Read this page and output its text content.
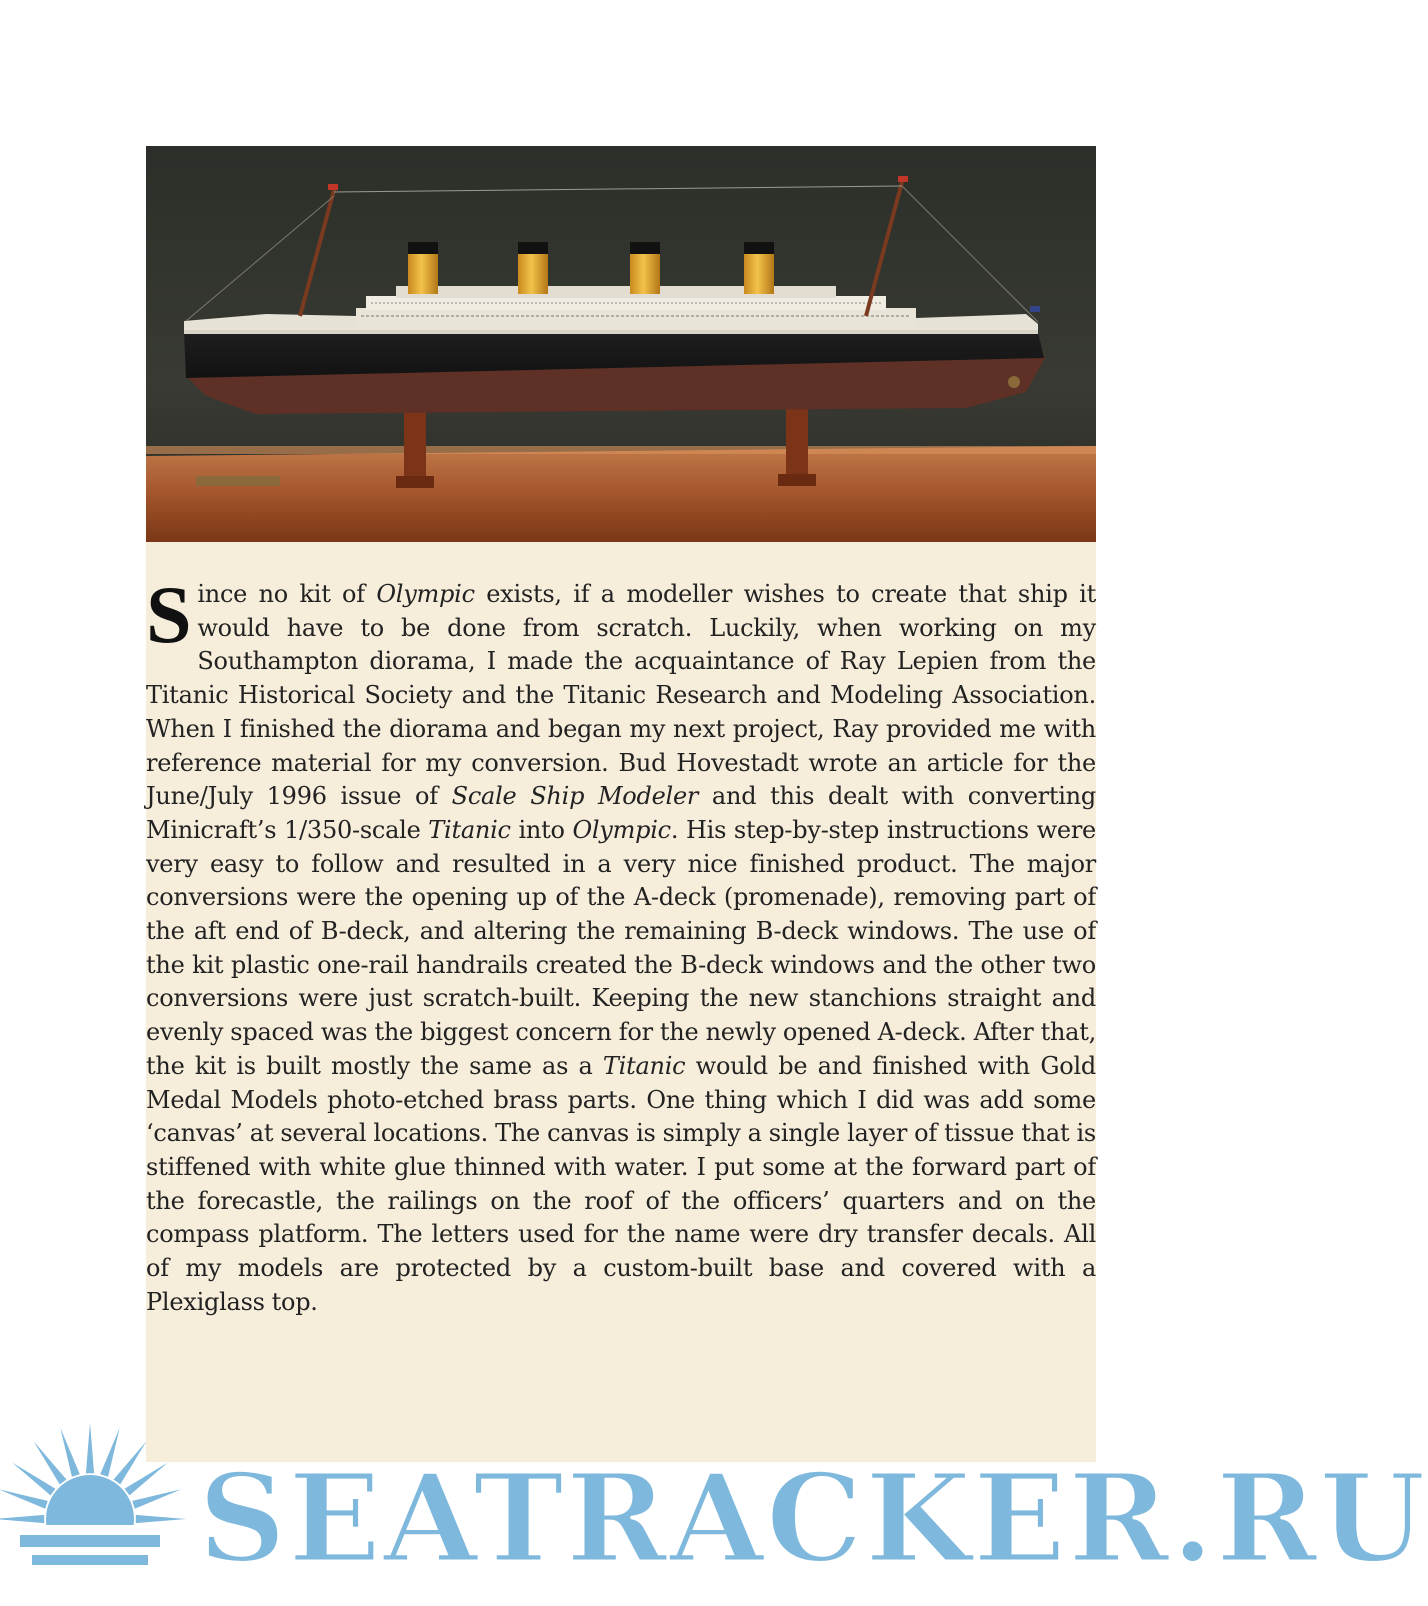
Since no kit of Olympic exists, if a modeller wishes to create that ship it would have to be done from scratch. Luckily, when working on my Southampton diorama, I made the acquaintance of Ray Lepien from the Titanic Historical Society and the Titanic Research and Modeling Association. When I finished the diorama and began my next project, Ray provided me with reference material for my conversion. Bud Hovestadt wrote an article for the June/July 1996 issue of Scale Ship Modeler and this dealt with converting Minicraft’s 1/350-scale Titanic into Olympic. His step-by-step instructions were very easy to follow and resulted in a very nice finished product. The major conversions were the opening up of the A-deck (promenade), removing part of the aft end of B-deck, and altering the remaining B-deck windows. The use of the kit plastic one-rail handrails created the B-deck windows and the other two conversions were just scratch-built. Keeping the new stanchions straight and evenly spaced was the biggest concern for the newly opened A-deck. After that, the kit is built mostly the same as a Titanic would be and finished with Gold Medal Models photo-etched brass parts. One thing which I did was add some ‘canvas’ at several locations. The canvas is simply a single layer of tissue that is stiffened with white glue thinned with water. I put some at the forward part of the forecastle, the railings on the roof of the officers’ quarters and on the compass platform. The letters used for the name were dry transfer decals. All of my models are protected by a custom-built base and covered with a Plexiglass top.

SEATRACKER.RU
